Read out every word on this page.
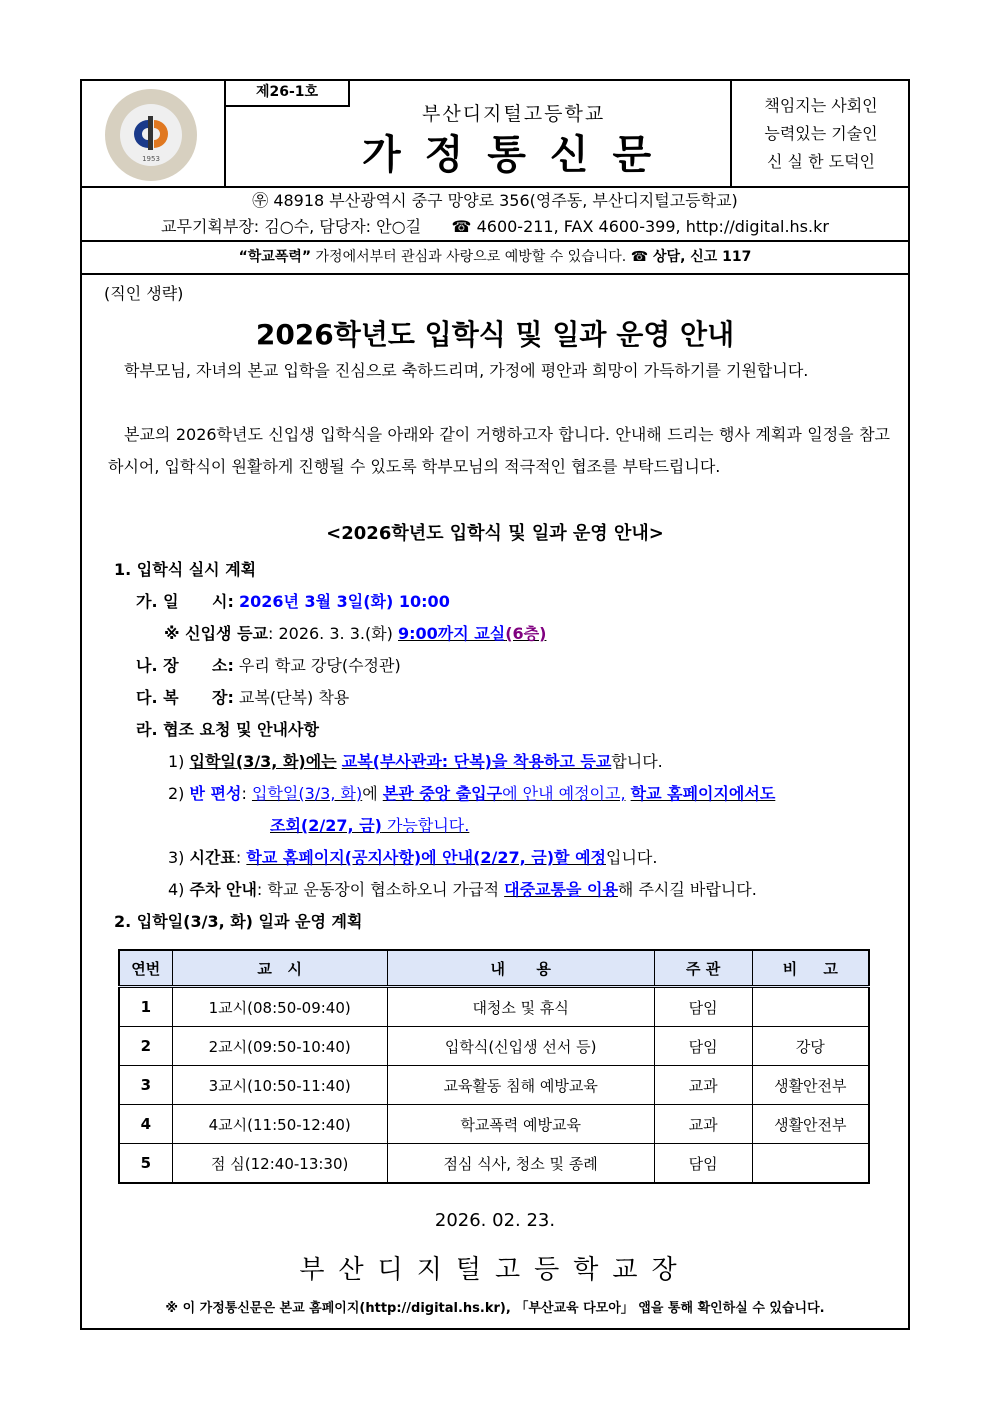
1953
제26-1호
부산디지털고등학교
가정통신문
책임지는 사회인
능력있는 기술인
신 실 한 도덕인
㉾ 48918 부산광역시 중구 망양로 356(영주동, 부산디지털고등학교)
교무기획부장: 김○수, 담당자: 안○길 ☎ 4600-211, FAX 4600-399, http://digital.hs.kr
“학교폭력” 가정에서부터 관심과 사랑으로 예방할 수 있습니다. ☎ 상담, 신고 117
(직인 생략)
2026학년도 입학식 및 일과 운영 안내
학부모님, 자녀의 본교 입학을 진심으로 축하드리며, 가정에 평안과 희망이 가득하기를 기원합니다.
본교의 2026학년도 신입생 입학식을 아래와 같이 거행하고자 합니다. 안내해 드리는 행사 계획과 일정을 참고하시어, 입학식이 원활하게 진행될 수 있도록 학부모님의 적극적인 협조를 부탁드립니다.
<2026학년도 입학식 및 일과 운영 안내>
1. 입학식 실시 계획
가. 일      시: 2026년 3월 3일(화) 10:00
※ 신입생 등교: 2026. 3. 3.(화) 9:00까지 교실(6층)
나. 장      소: 우리 학교 강당(수정관)
다. 복      장: 교복(단복) 착용
라. 협조 요청 및 안내사항
1) 입학일(3/3, 화)에는 교복(부사관과: 단복)을 착용하고 등교합니다.
2) 반 편성: 입학일(3/3, 화)에 본관 중앙 출입구에 안내 예정이고, 학교 홈페이지에서도
조회(2/27, 금) 가능합니다.
3) 시간표: 학교 홈페이지(공지사항)에 안내(2/27, 금)할 예정입니다.
4) 주차 안내: 학교 운동장이 협소하오니 가급적 대중교통을 이용해 주시길 바랍니다.
2. 입학일(3/3, 화) 일과 운영 계획
연번	교   시	내      용	주 관	비     고
1	1교시(08:50-09:40)	대청소 및 휴식	담임	
2	2교시(09:50-10:40)	입학식(신입생 선서 등)	담임	강당
3	3교시(10:50-11:40)	교육활동 침해 예방교육	교과	생활안전부
4	4교시(11:50-12:40)	학교폭력 예방교육	교과	생활안전부
5	점 심(12:40-13:30)	점심 식사, 청소 및 종례	담임	
2026. 02. 23.
부산디지털고등학교장
※ 이 가정통신문은 본교 홈페이지(http://digital.hs.kr), 「부산교육 다모아」 앱을 통해 확인하실 수 있습니다.
